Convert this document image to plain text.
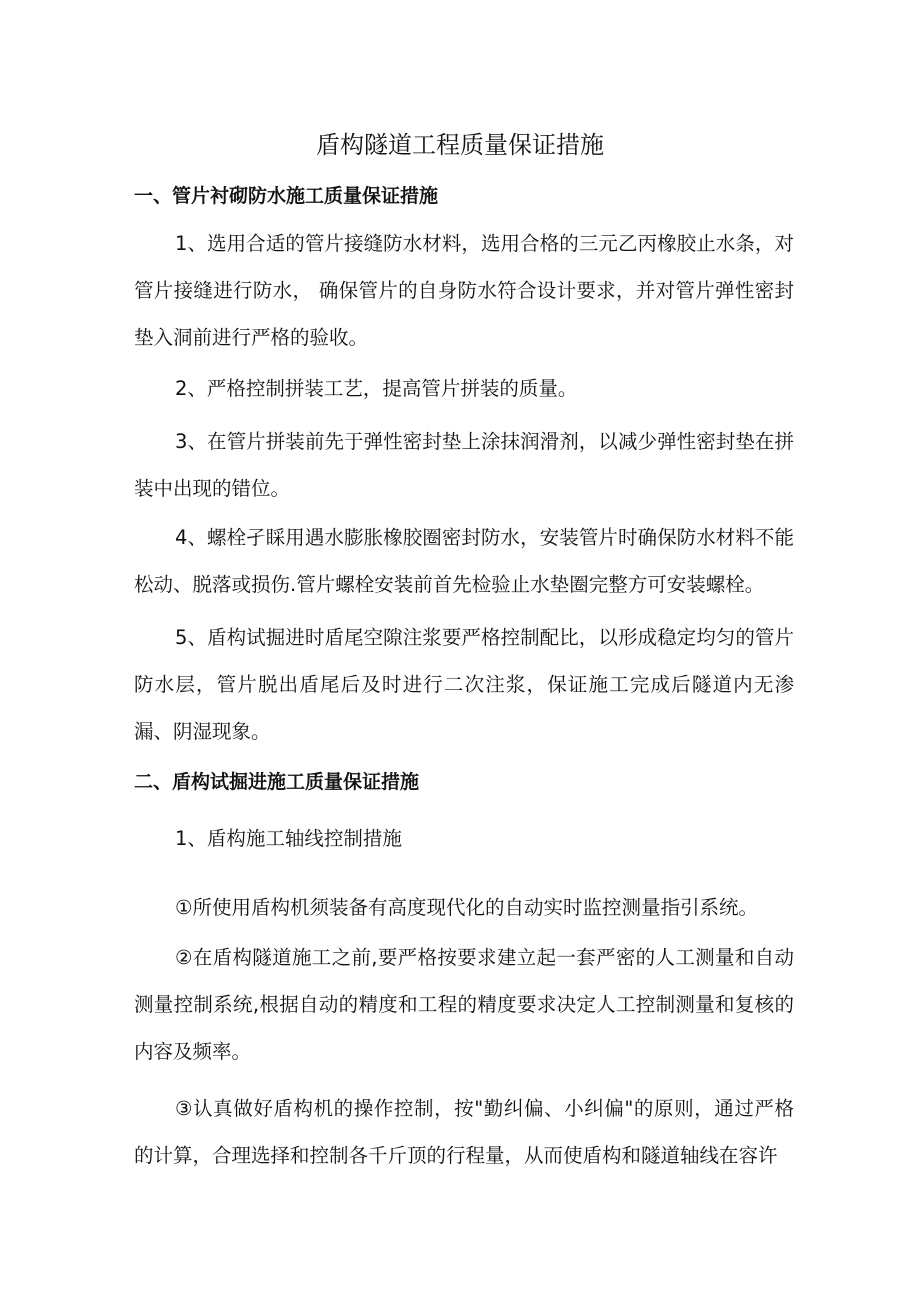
盾构隧道工程质量保证措施
一、管片衬砌防水施工质量保证措施

1、选用合适的管片接缝防水材料，选用合格的三元乙丙橡胶止水条，对管片接缝进行防水， 确保管片的自身防水符合设计要求，并对管片弹性密封垫入洞前进行严格的验收。

2、严格控制拼装工艺，提高管片拼装的质量。

3、在管片拼装前先于弹性密封垫上涂抹润滑剂，以减少弹性密封垫在拼装中出现的错位。

4、螺栓孑睬用遇水膨胀橡胶圈密封防水，安装管片时确保防水材料不能松动、脱落或损伤.管片螺栓安装前首先检验止水垫圈完整方可安装螺栓。

5、盾构试掘进时盾尾空隙注浆要严格控制配比，以形成稳定均匀的管片防水层，管片脱出盾尾后及时进行二次注浆，保证施工完成后隧道内无渗漏、阴湿现象。

二、盾构试掘进施工质量保证措施

1、盾构施工轴线控制措施

①所使用盾构机须装备有高度现代化的自动实时监控测量指引系统。

②在盾构隧道施工之前,要严格按要求建立起一套严密的人工测量和自动测量控制系统,根据自动的精度和工程的精度要求决定人工控制测量和复核的内容及频率。

③认真做好盾构机的操作控制，按"勤纠偏、小纠偏"的原则，通过严格的计算，合理选择和控制各千斤顶的行程量，从而使盾构和隧道轴线在容许
